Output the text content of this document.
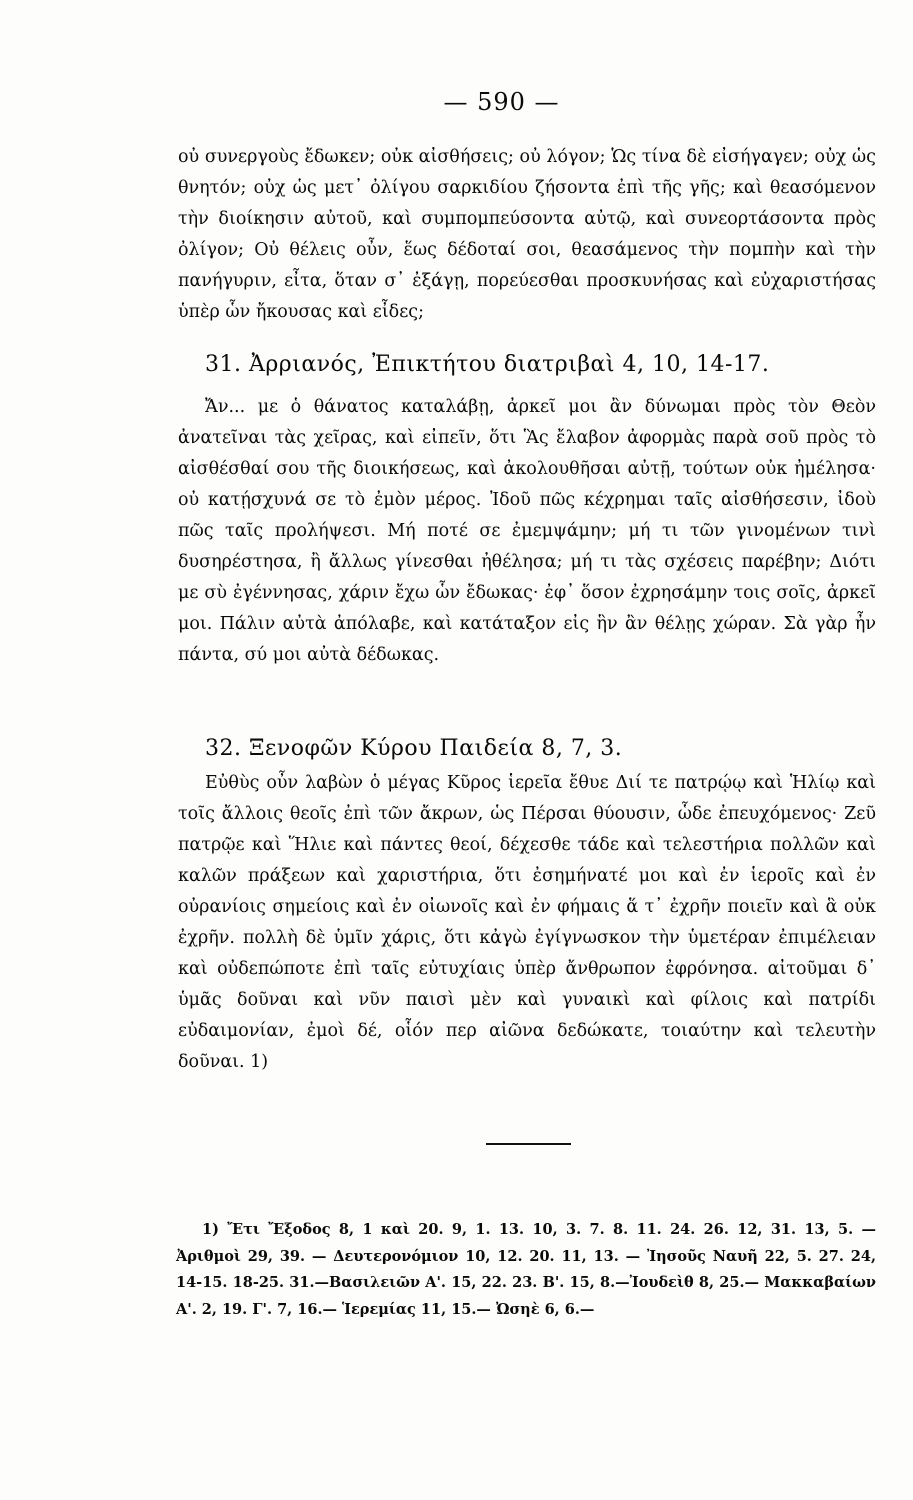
— 590 —

οὐ συνεργοὺς ἔδωκεν; οὐκ αἰσθήσεις; οὐ λόγον; Ὡς τίνα δὲ εἰσήγαγεν; οὐχ ὡς θνητόν; οὐχ ὡς μετ᾽ ὀλίγου σαρκιδίου ζήσοντα ἐπὶ τῆς γῆς; καὶ θεασόμενον τὴν διοίκησιν αὐτοῦ, καὶ συμπομπεύσοντα αὐτῷ, καὶ συνεορτάσοντα πρὸς ὀλίγον; Οὐ θέλεις οὖν, ἕως δέδοταί σοι, θεασάμενος τὴν πομπὴν καὶ τὴν πανήγυριν, εἶτα, ὅταν σ᾽ ἐξάγῃ, πορεύεσθαι προσκυνήσας καὶ εὐχαριστήσας ὑπὲρ ὧν ἤκουσας καὶ εἶδες;

31. Ἀρριανός, Ἐπικτήτου διατριβαὶ 4, 10, 14-17.

Ἄν... με ὁ θάνατος καταλάβῃ, ἀρκεῖ μοι ἂν δύνωμαι πρὸς τὸν Θεὸν ἀνατεῖναι τὰς χεῖρας, καὶ εἰπεῖν, ὅτι Ἃς ἔλαβον ἀφορμὰς παρὰ σοῦ πρὸς τὸ αἰσθέσθαί σου τῆς διοικήσεως, καὶ ἀκολουθῆσαι αὐτῇ, τούτων οὐκ ἠμέλησα· οὐ κατῄσχυνά σε τὸ ἐμὸν μέρος. Ἰδοῦ πῶς κέχρημαι ταῖς αἰσθήσεσιν, ἰδοὺ πῶς ταῖς προλήψεσι. Μή ποτέ σε ἐμεμψάμην; μή τι τῶν γινομένων τινὶ δυσηρέστησα, ἢ ἄλλως γίνεσθαι ἠθέλησα; μή τι τὰς σχέσεις παρέβην; Διότι με σὺ ἐγέννησας, χάριν ἔχω ὧν ἔδωκας· ἐφ᾽ ὅσον ἐχρησάμην τοις σοῖς, ἀρκεῖ μοι. Πάλιν αὐτὰ ἀπόλαβε, καὶ κατάταξον εἰς ἣν ἂν θέλῃς χώραν. Σὰ γὰρ ἦν πάντα, σύ μοι αὐτὰ δέδωκας.

32. Ξενοφῶν Κύρου Παιδεία 8, 7, 3.

Εὐθὺς οὖν λαβὼν ὁ μέγας Κῦρος ἱερεῖα ἔθυε Διί τε πατρῴῳ καὶ Ἡλίῳ καὶ τοῖς ἄλλοις θεοῖς ἐπὶ τῶν ἄκρων, ὡς Πέρσαι θύουσιν, ὧδε ἐπευχόμενος· Ζεῦ πατρῷε καὶ Ἥλιε καὶ πάντες θεοί, δέχεσθε τάδε καὶ τελεστήρια πολλῶν καὶ καλῶν πράξεων καὶ χαριστήρια, ὅτι ἐσημήνατέ μοι καὶ ἐν ἱεροῖς καὶ ἐν οὐρανίοις σημείοις καὶ ἐν οἰωνοῖς καὶ ἐν φήμαις ἅ τ᾽ ἐχρῆν ποιεῖν καὶ ἃ οὐκ ἐχρῆν. πολλὴ δὲ ὑμῖν χάρις, ὅτι κἀγὼ ἐγίγνωσκον τὴν ὑμετέραν ἐπιμέλειαν καὶ οὐδεπώποτε ἐπὶ ταῖς εὐτυχίαις ὑπὲρ ἄνθρωπον ἐφρόνησα. αἰτοῦμαι δ᾽ ὑμᾶς δοῦναι καὶ νῦν παισὶ μὲν καὶ γυναικὶ καὶ φίλοις καὶ πατρίδι εὐδαιμονίαν, ἐμοὶ δέ, οἷόν περ αἰῶνα δεδώκατε, τοιαύτην καὶ τελευτὴν δοῦναι. 1)

1) Ἔτι Ἔξοδος 8, 1 καὶ 20. 9, 1. 13. 10, 3. 7. 8. 11. 24. 26. 12, 31. 13, 5. — Ἀριθμοὶ 29, 39. — Δευτερονόμιον 10, 12. 20. 11, 13. — Ἰησοῦς Ναυῆ 22, 5. 27. 24, 14-15. 18-25. 31.—Βασιλειῶν Α'. 15, 22. 23. Β'. 15, 8.—Ἰουδεὶθ 8, 25.— Μακκαβαίων Α'. 2, 19. Γ'. 7, 16.— Ἱερεμίας 11, 15.— Ὠσηὲ 6, 6.—
